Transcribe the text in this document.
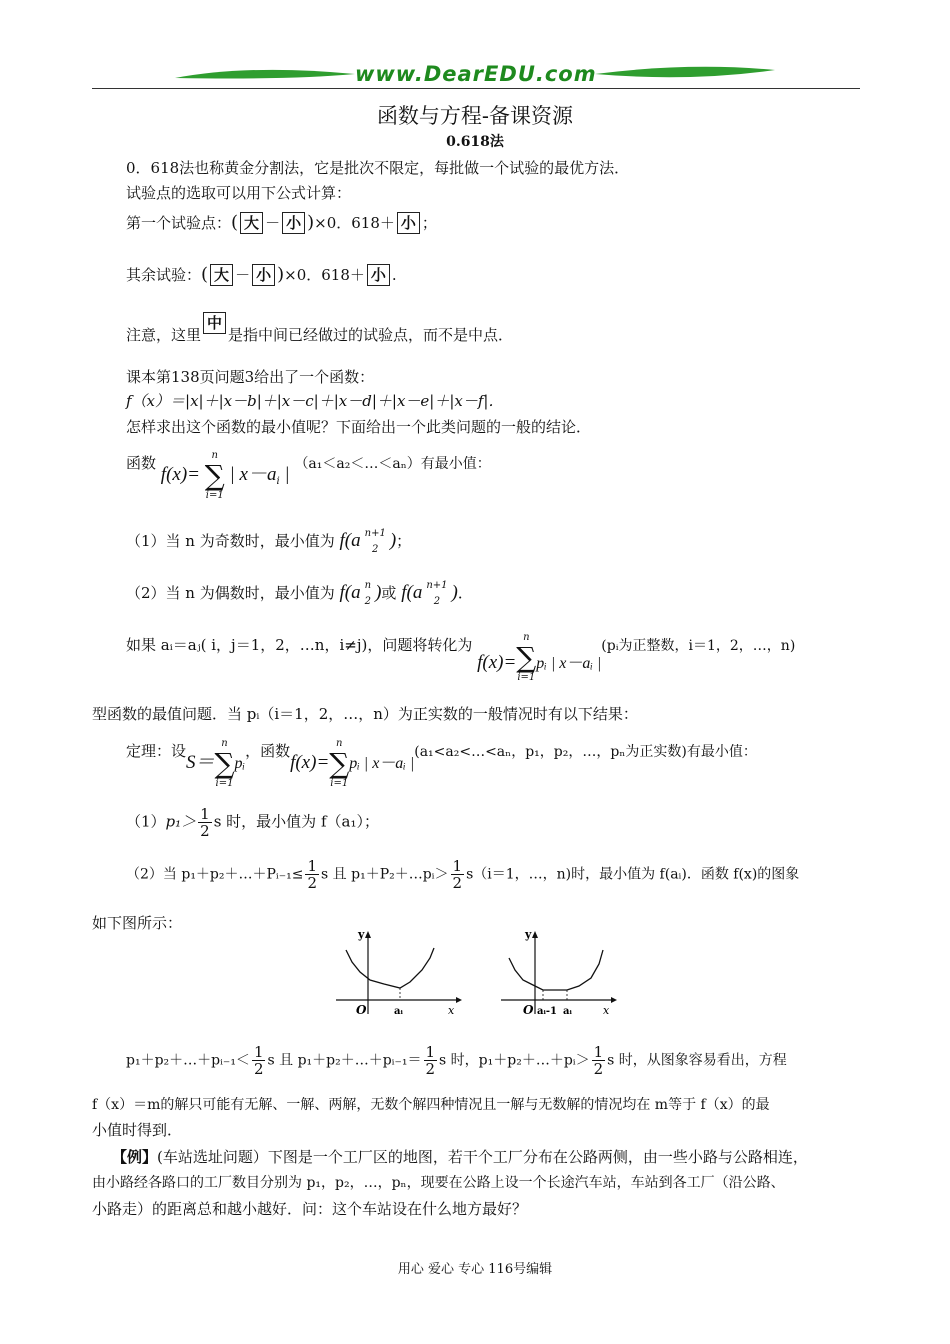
www.DearEDU.com
函数与方程-备课资源
0.618法
0．618法也称黄金分割法，它是批次不限定，每批做一个试验的最优方法．
试验点的选取可以用下公式计算：
第一个试验点：( 大 － 小 )×0．618＋ 小 ；
其余试验：( 大 － 小 )×0．618＋ 小 .
注意，这里中是指中间已经做过的试验点，而不是中点．
课本第138页问题3给出了一个函数：
f（x）＝|x|＋|x－b|＋|x－c|＋|x－d|＋|x－e|＋|x－f|．
怎样求出这个函数的最小值呢？下面给出一个此类问题的一般的结论．
函数 f(x)=
n
∑
i=1
| $x-a_i$ | （a₁＜a₂＜…＜aₙ）有最小值：
（1）当 n 为奇数时，最小值为 f(a n+1
2 )；
（2）当 n 为偶数时，最小值为 f(a n
2 )或 f(a n+1
2 )．
如果 aᵢ＝aⱼ( i，j＝1，2，…n，i≠j)，问题将转化为 f(x)=
n
∑
i=1
pᵢ | x－aᵢ |(pᵢ为正整数，i＝1，2，…，n)
型函数的最值问题．当 pᵢ（i＝1，2，…，n）为正实数的一般情况时有以下结果：
定理：设S＝
n
∑
i=1
pᵢ，函数f(x)=
n
∑
i=1
pᵢ | x－aᵢ |(a₁<a₂<…<aₙ，p₁，p₂，…，pₙ为正实数)有最小值：
$(1)p_1> \frac{1}{2}$ s 时，最小值为 f（a₁）；
（2）当 p₁＋p₂＋…＋Pᵢ₋₁≤ $\frac{1}{2}$ s 且 p₁＋P₂＋…pᵢ＞ $\frac{1}{2} s(i=1$，…，n)时，最小值为 f(aᵢ)．函数 f(x)的图象
如下图所示：
y
x
O	aᵢ
y
x
O aᵢ-1 aᵢ
p₁＋p₂＋…＋pᵢ₋₁＜ $\frac{1}{2}$ s 且 p₁＋p₂＋…＋pᵢ₋₁＝ $\frac{1}{2}$ s 时，p₁＋p₂＋…＋pᵢ＞ $\frac{1}{2}$ s 时，从图象容易看出，方程
f（x）＝m的解只可能有无解、一解、两解，无数个解四种情况且一解与无数解的情况均在 m等于 f（x）的最
小值时得到．
【例】(车站选址问题）下图是一个工厂区的地图，若干个工厂分布在公路两侧，由一些小路与公路相连，
由小路经各路口的工厂数目分别为 p₁，p₂，…，pₙ，现要在公路上设一个长途汽车站，车站到各工厂（沿公路、
小路走）的距离总和越小越好．问：这个车站设在什么地方最好？
用心 爱心 专心 116号编辑
